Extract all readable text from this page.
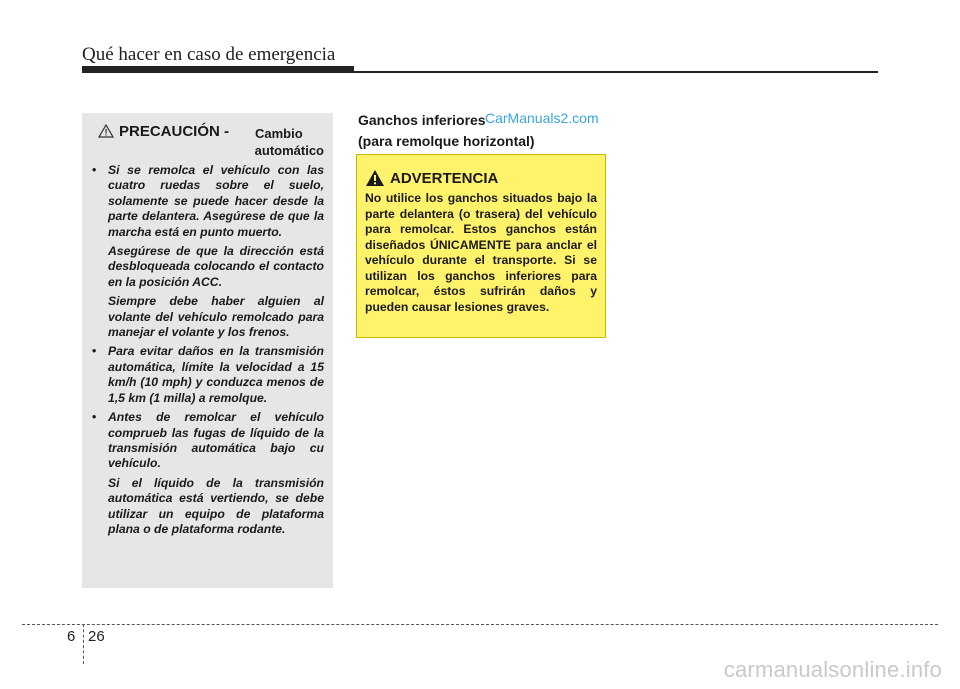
Qué hacer en caso de emergencia
PRECAUCIÓN - Cambio
automático

• Si se remolca el vehículo con las cuatro ruedas sobre el suelo, solamente se puede hacer desde la parte delantera. Asegúrese de que la marcha está en punto muerto.

Asegúrese de que la dirección está desbloqueada colocando el contacto en la posición ACC.

Siempre debe haber alguien al volante del vehículo remolcado para manejar el volante y los frenos.

• Para evitar daños en la transmisión automática, límite la velocidad a 15 km/h (10 mph) y conduzca menos de 1,5 km (1 milla) a remolque.

• Antes de remolcar el vehículo comprueb las fugas de líquido de la transmisión automática bajo cu vehículo.

Si el líquido de la transmisión automática está vertiendo, se debe utilizar un equipo de plataforma plana o de plataforma rodante.

Ganchos inferiores
(para remolque horizontal)
CarManuals2.com
ADVERTENCIA

No utilice los ganchos situados bajo la parte delantera (o trasera) del vehículo para remolcar. Estos ganchos están diseñados ÚNICAMENTE para anclar el vehículo durante el transporte. Si se utilizan los ganchos inferiores para remolcar, éstos sufrirán daños y pueden causar lesiones graves.

6 26
carmanualsonline.info
